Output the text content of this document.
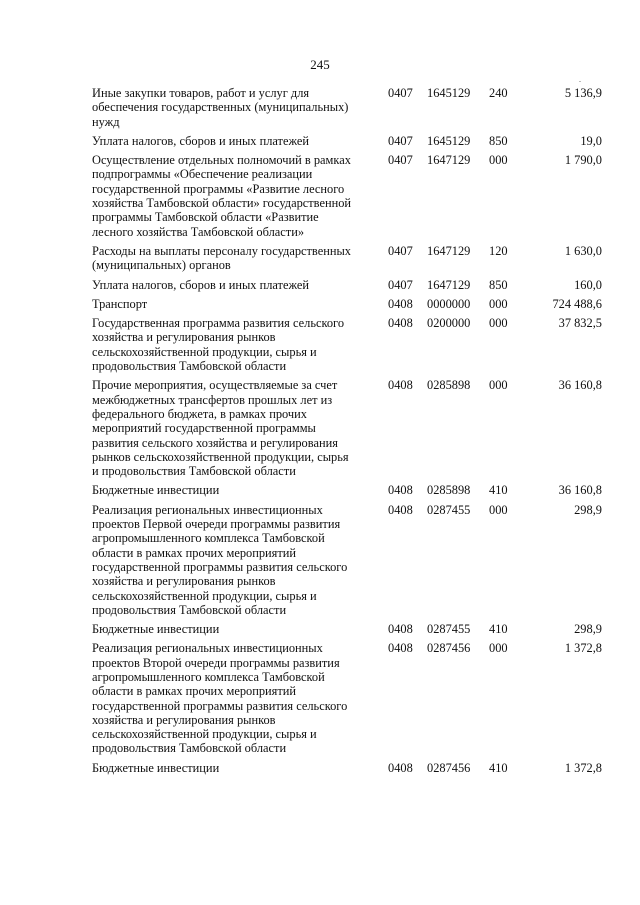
245
Иные закупки товаров, работ и услуг для
обеспечения государственных (муниципальных)
нужд
0407	1645129	240	5 136,9
Уплата налогов, сборов и иных платежей	0407	1645129	850	19,0
Осуществление отдельных полномочий в рамках
подпрограммы «Обеспечение реализации
государственной программы «Развитие лесного
хозяйства Тамбовской области» государственной
программы Тамбовской области «Развитие
лесного хозяйства Тамбовской области»
0407	1647129	000	1 790,0
Расходы на выплаты персоналу государственных
(муниципальных) органов
0407	1647129	120	1 630,0
Уплата налогов, сборов и иных платежей	0407	1647129	850	160,0
Транспорт	0408	0000000	000	724 488,6
Государственная программа развития сельского
хозяйства и регулирования рынков
сельскохозяйственной продукции, сырья и
продовольствия Тамбовской области
0408	0200000	000	37 832,5
Прочие мероприятия, осуществляемые за счет
межбюджетных трансфертов прошлых лет из
федерального бюджета, в рамках прочих
мероприятий государственной программы
развития сельского хозяйства и регулирования
рынков сельскохозяйственной продукции, сырья
и продовольствия Тамбовской области
0408	0285898	000	36 160,8
Бюджетные инвестиции	0408	0285898	410	36 160,8
Реализация региональных инвестиционных
проектов Первой очереди программы развития
агропромышленного комплекса Тамбовской
области в рамках прочих мероприятий
государственной программы развития сельского
хозяйства и регулирования рынков
сельскохозяйственной продукции, сырья и
продовольствия Тамбовской области
0408	0287455	000	298,9
Бюджетные инвестиции	0408	0287455	410	298,9
Реализация региональных инвестиционных
проектов Второй очереди программы развития
агропромышленного комплекса Тамбовской
области в рамках прочих мероприятий
государственной программы развития сельского
хозяйства и регулирования рынков
сельскохозяйственной продукции, сырья и
продовольствия Тамбовской области
0408	0287456	000	1 372,8
Бюджетные инвестиции	0408	0287456	410	1 372,8
